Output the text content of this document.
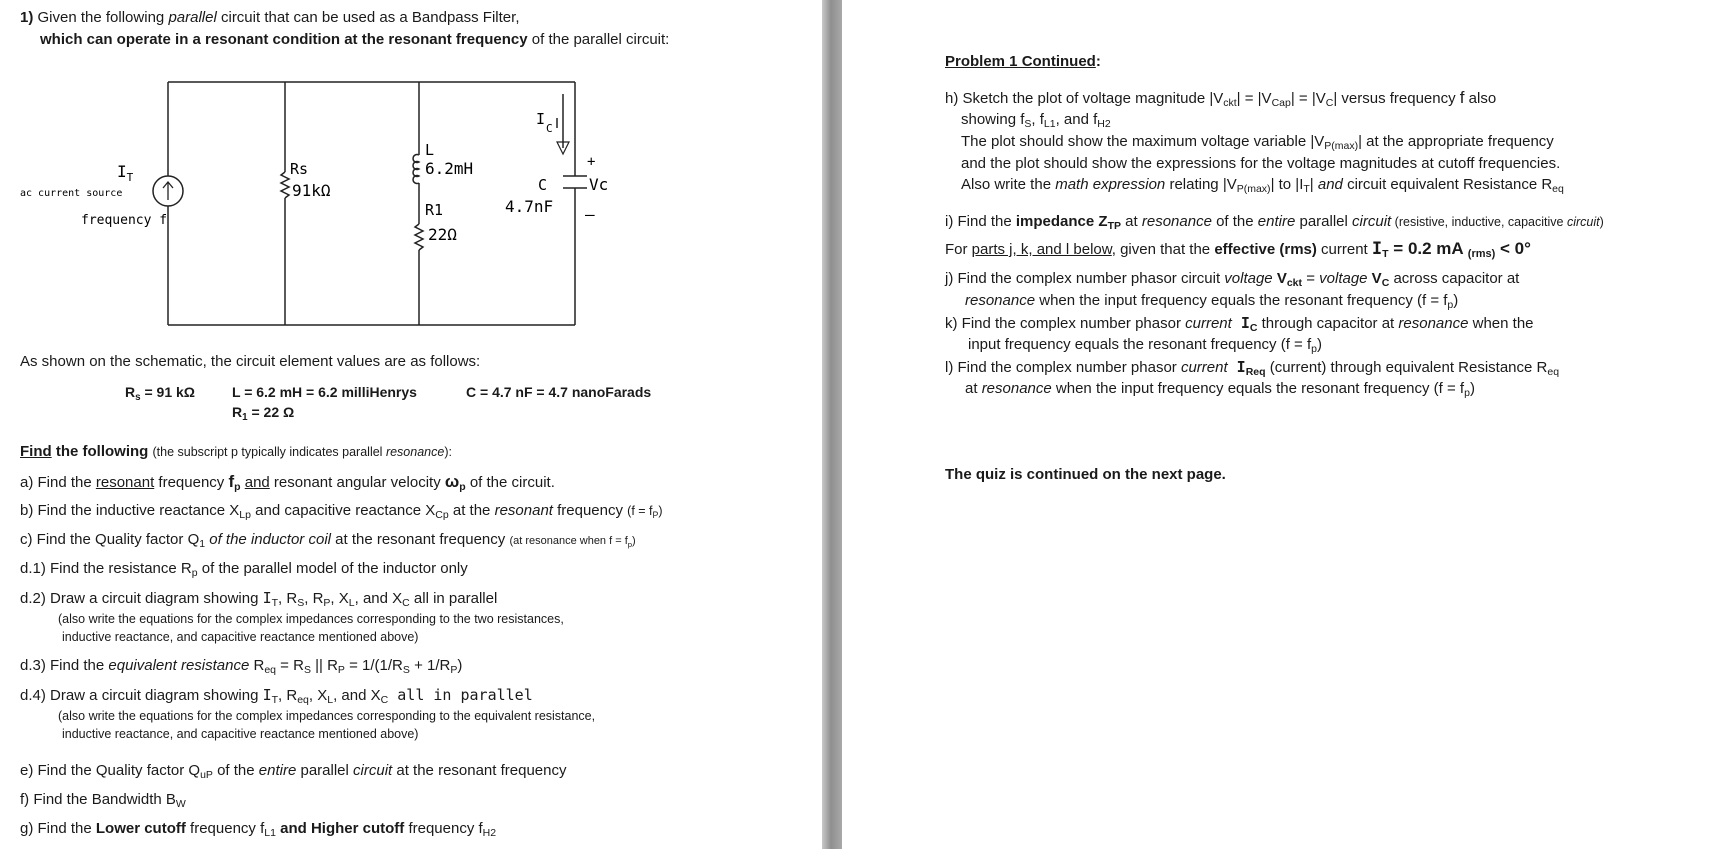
1) Given the following parallel circuit that can be used as a Bandpass Filter,
which can operate in a resonant condition at the resonant frequency of the parallel circuit:
$I_T$
ac current source
frequency f
Rs
91kΩ
L
6.2mH
R1
22Ω
$I_C$
C
4.7nF
+
Vc
–
As shown on the schematic, the circuit element values are as follows:
$R_s = 91$ kΩ	L = 6.2 mH = 6.2 milliHenrys	C = 4.7 nF = 4.7 nanoFarads
$R_1 = 22$ Ω
Find the following (the subscript p typically indicates parallel resonance):
a) Find the resonant frequency $f_p$ and resonant angular velocity $\omega_p$ of the circuit.
b) Find the inductive reactance $X_{Lp}$ and capacitive reactance $X_{Cp}$ at the resonant frequency $(f = f_P)$
c) Find the Quality factor $Q_1$ of the inductor coil at the resonant frequency (at resonance when $f = f_p$)
d.1) Find the resistance $R_p$ of the parallel model of the inductor only
d.2) Draw a circuit diagram showing $I_T$, $R_S$, $R_P$, $X_L$, and $X_C$ all in parallel
(also write the equations for the complex impedances corresponding to the two resistances,
inductive reactance, and capacitive reactance mentioned above)
d.3) Find the equivalent resistance $R_{eq} = R_S$ || $R_P = 1/(1/R_S + 1/R_P)$
d.4) Draw a circuit diagram showing $I_T$, $R_{eq}$, $X_L$, and $X_C$ all in parallel
(also write the equations for the complex impedances corresponding to the equivalent resistance,
inductive reactance, and capacitive reactance mentioned above)
e) Find the Quality factor $Q_{uP}$ of the entire parallel circuit at the resonant frequency
f) Find the Bandwidth $B_W$
g) Find the Lower cutoff frequency $f_{L1}$ and Higher cutoff frequency $f_{H2}$
Problem 1 Continued:
h) Sketch the plot of voltage magnitude $|V_{ckt}| = |V_{Cap}| = |V_C|$ versus frequency f also
showing $f_S$, $f_{L1}$, and $f_{H2}$
The plot should show the maximum voltage variable $|V_{P(max)}|$ at the appropriate frequency
and the plot should show the expressions for the voltage magnitudes at cutoff frequencies.
Also write the math expression relating $|V_{P(max)}|$ to $|I_T|$ and circuit equivalent Resistance $R_{eq}$
i) Find the impedance $Z_{TP}$ at resonance of the entire parallel circuit (resistive, inductive, capacitive circuit)
For parts j, k, and l below, given that the effective (rms) current $I_T = 0.2$ mA $_{(rms)}$ < 0°
j) Find the complex number phasor circuit voltage $V_{ckt}$ = voltage $V_C$ across capacitor at
resonance when the input frequency equals the resonant frequency $(f = f_p)$
k) Find the complex number phasor current $I_C$ through capacitor at resonance when the
input frequency equals the resonant frequency $(f = f_p)$
l) Find the complex number phasor current $I_{Req}$ (current) through equivalent Resistance $R_{eq}$
at resonance when the input frequency equals the resonant frequency $(f = f_p)$
The quiz is continued on the next page.
